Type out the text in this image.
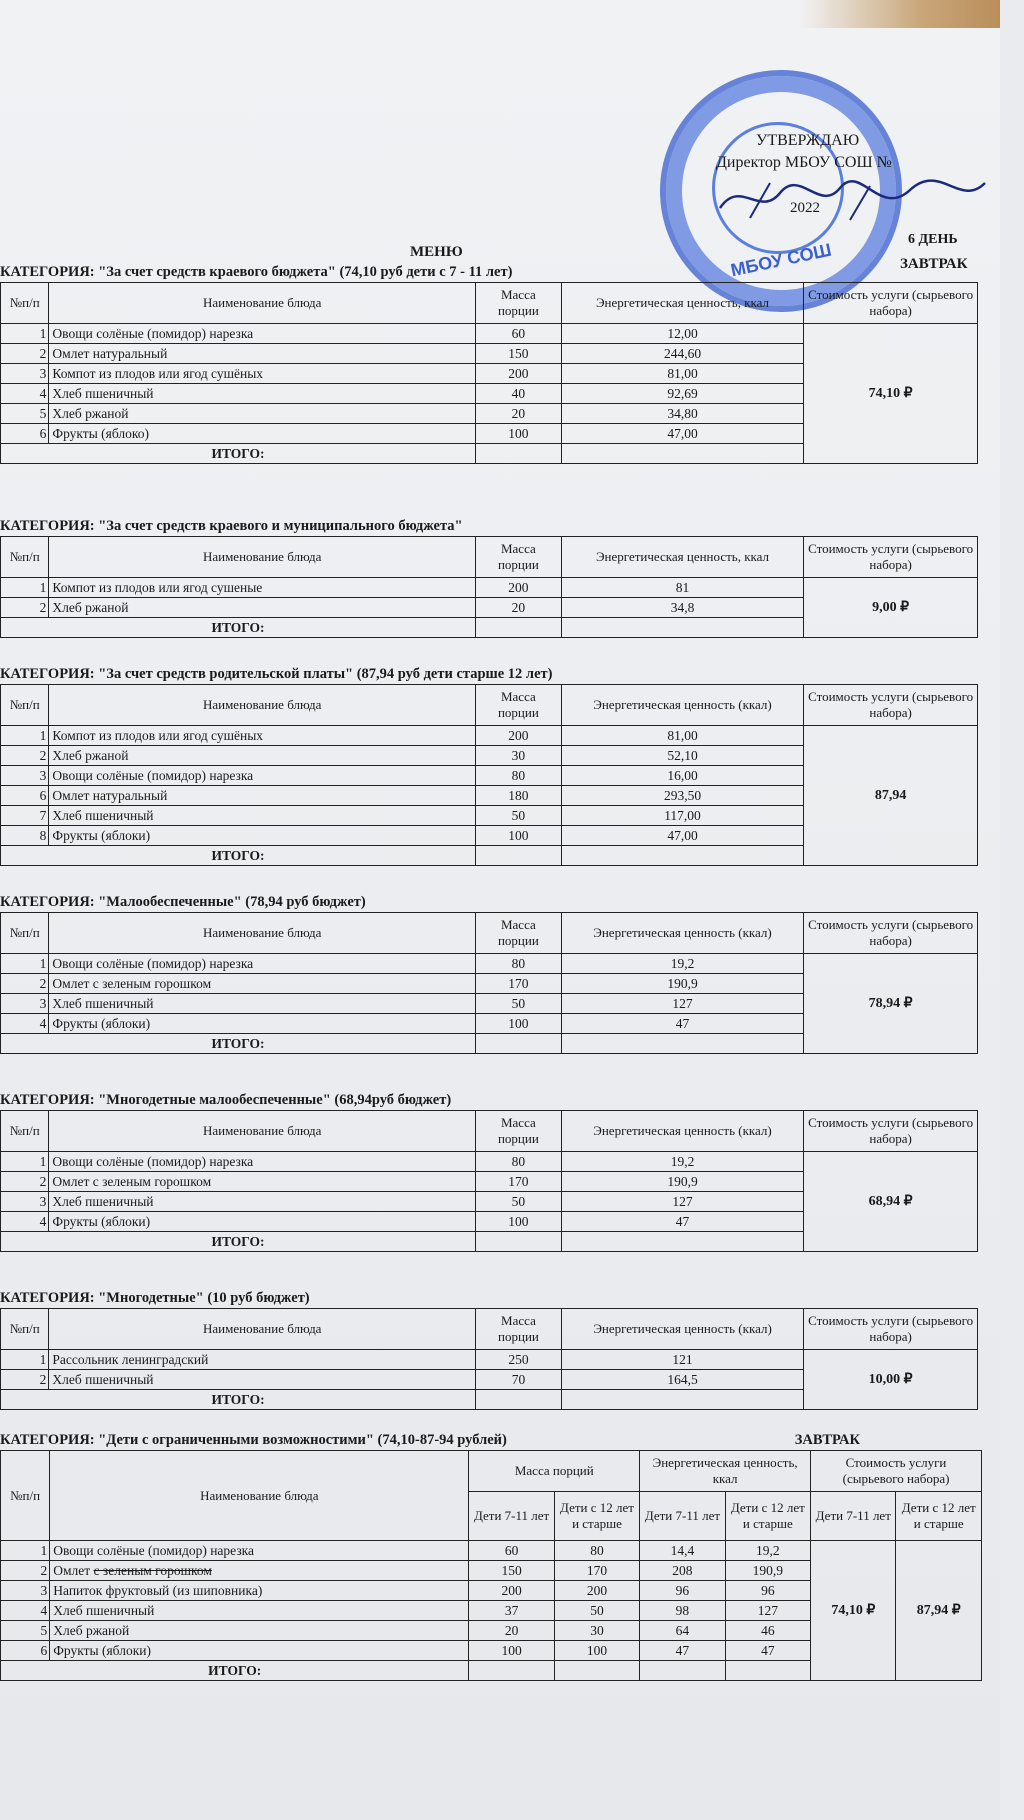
МБОУ СОШ
УТВЕРЖДАЮ
Директор МБОУ СОШ №
2022
6 ДЕНЬ
ЗАВТРАК
МЕНЮ
КАТЕГОРИЯ: "За счет средств краевого бюджета" (74,10 руб дети с 7 - 11 лет)
№п/п	Наименование блюда	Масса порции	Энергетическая ценность, ккал	Стоимость услуги (сырьевого набора)
1	Овощи солёные (помидор) нарезка	60	12,00	74,10 ₽
2	Омлет натуральный	150	244,60	
3	Компот из плодов или ягод сушёных	200	81,00	
4	Хлеб пшеничный	40	92,69	
5	Хлеб ржаной	20	34,80	
6	Фрукты (яблоко)	100	47,00	
ИТОГО:				
КАТЕГОРИЯ: "За счет средств краевого и муниципального бюджета"
№п/п	Наименование блюда	Масса порции	Энергетическая ценность, ккал	Стоимость услуги (сырьевого набора)
1	Компот из плодов или ягод сушеные	200	81	9,00 ₽
2	Хлеб ржаной	20	34,8	
ИТОГО:				
КАТЕГОРИЯ: "За счет средств родительской платы" (87,94 руб дети старше 12 лет)
№п/п	Наименование блюда	Масса порции	Энергетическая ценность (ккал)	Стоимость услуги (сырьевого набора)
1	Компот из плодов или ягод сушёных	200	81,00	87,94
2	Хлеб ржаной	30	52,10	
3	Овощи солёные (помидор) нарезка	80	16,00	
6	Омлет натуральный	180	293,50	
7	Хлеб пшеничный	50	117,00	
8	Фрукты (яблоки)	100	47,00	
ИТОГО:				
КАТЕГОРИЯ: "Малообеспеченные" (78,94 руб бюджет)
№п/п	Наименование блюда	Масса порции	Энергетическая ценность (ккал)	Стоимость услуги (сырьевого набора)
1	Овощи солёные (помидор) нарезка	80	19,2	78,94 ₽
2	Омлет с зеленым горошком	170	190,9	
3	Хлеб пшеничный	50	127	
4	Фрукты (яблоки)	100	47	
ИТОГО:				
КАТЕГОРИЯ: "Многодетные малообеспеченные" (68,94руб бюджет)
№п/п	Наименование блюда	Масса порции	Энергетическая ценность (ккал)	Стоимость услуги (сырьевого набора)
1	Овощи солёные (помидор) нарезка	80	19,2	68,94 ₽
2	Омлет с зеленым горошком	170	190,9	
3	Хлеб пшеничный	50	127	
4	Фрукты (яблоки)	100	47	
ИТОГО:				
КАТЕГОРИЯ: "Многодетные" (10 руб бюджет)
№п/п	Наименование блюда	Масса порции	Энергетическая ценность (ккал)	Стоимость услуги (сырьевого набора)
1	Рассольник ленинградский	250	121	10,00 ₽
2	Хлеб пшеничный	70	164,5	
ИТОГО:				
КАТЕГОРИЯ: "Дети с ограниченными возможностими" (74,10-87-94 рублей)	ЗАВТРАК
№п/п	Наименование блюда	Масса порций		Энергетическая ценность, ккал		Стоимость услуги (сырьевого набора)	
		Дети 7-11 лет	Дети с 12 лет и старше	Дети 7-11 лет	Дети с 12 лет и старше	Дети 7-11 лет	Дети с 12 лет и старше
1	Овощи солёные (помидор) нарезка	60	80	14,4	19,2	74,10 ₽	87,94 ₽
2	Омлет с зеленым горошком	150	170	208	190,9		
3	Напиток фруктовый (из шиповника)	200	200	96	96		
4	Хлеб пшеничный	37	50	98	127		
5	Хлеб ржаной	20	30	64	46		
6	Фрукты (яблоки)	100	100	47	47		
ИТОГО:							
